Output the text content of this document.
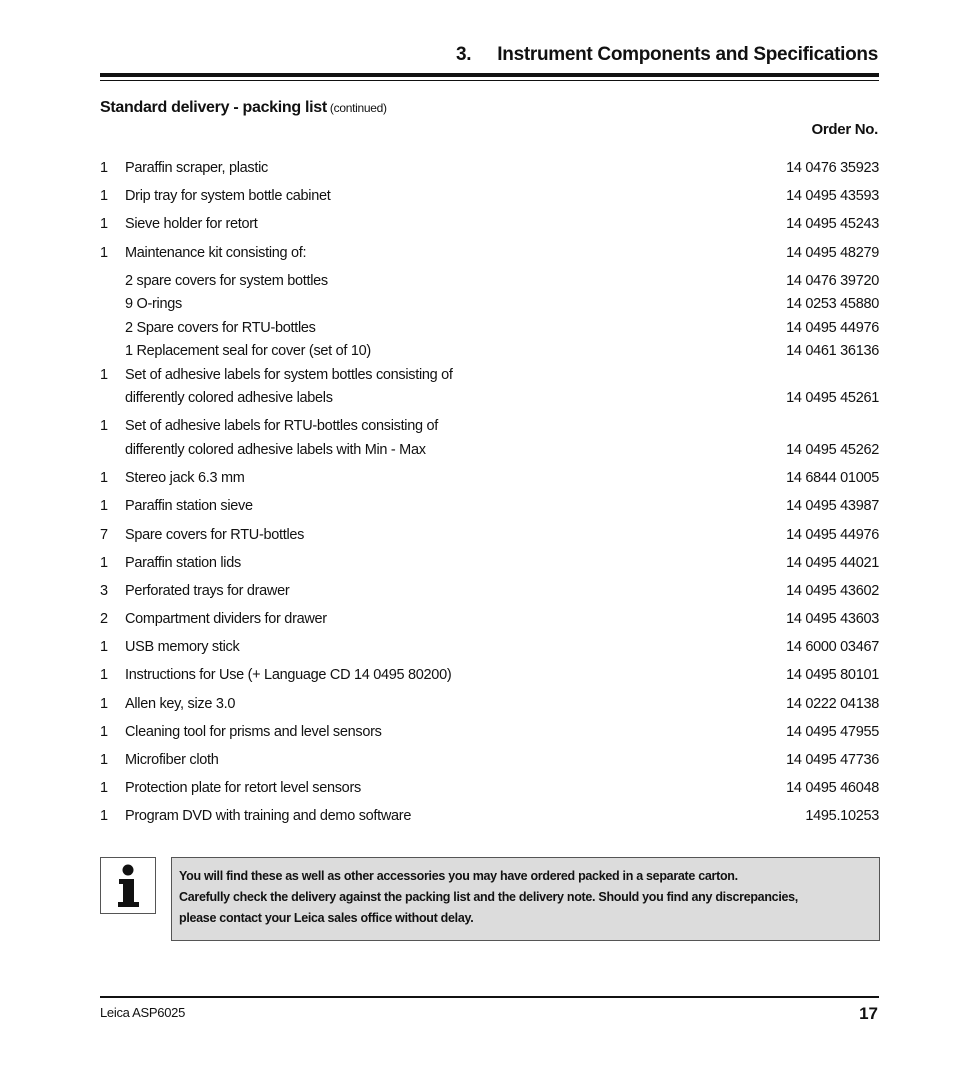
3. Instrument Components and Specifications
Standard delivery - packing list (continued)
Order No.
1	Paraffin scraper, plastic	14 0476 35923
1	Drip tray for system bottle cabinet	14 0495 43593
1	Sieve holder for retort	14 0495 45243
1	Maintenance kit consisting of:	14 0495 48279
2 spare covers for system bottles	14 0476 39720
9 O-rings	14 0253 45880
2 Spare covers for RTU-bottles	14 0495 44976
1 Replacement seal for cover (set of 10)	14 0461 36136
1	Set of adhesive labels for system bottles consisting of
differently colored adhesive labels
	14 0495 45261
1	Set of adhesive labels for RTU-bottles consisting of
differently colored adhesive labels with Min - Max
	14 0495 45262
1	Stereo jack 6.3 mm	14 6844 01005
1	Paraffin station sieve	14 0495 43987
7	Spare covers for RTU-bottles	14 0495 44976
1	Paraffin station lids	14 0495 44021
3	Perforated trays for drawer	14 0495 43602
2	Compartment dividers for drawer	14 0495 43603
1	USB memory stick	14 6000 03467
1	Instructions for Use (+ Language CD 14 0495 80200)	14 0495 80101
1	Allen key, size 3.0	14 0222 04138
1	Cleaning tool for prisms and level sensors	14 0495 47955
1	Microfiber cloth	14 0495 47736
1	Protection plate for retort level sensors	14 0495 46048
1	Program DVD with training and demo software	1495.10253
You will find these as well as other accessories you may have ordered packed in a separate carton.
Carefully check the delivery against the packing list and the delivery note. Should you find any discrepancies,
please contact your Leica sales office without delay.
Leica ASP6025	17
